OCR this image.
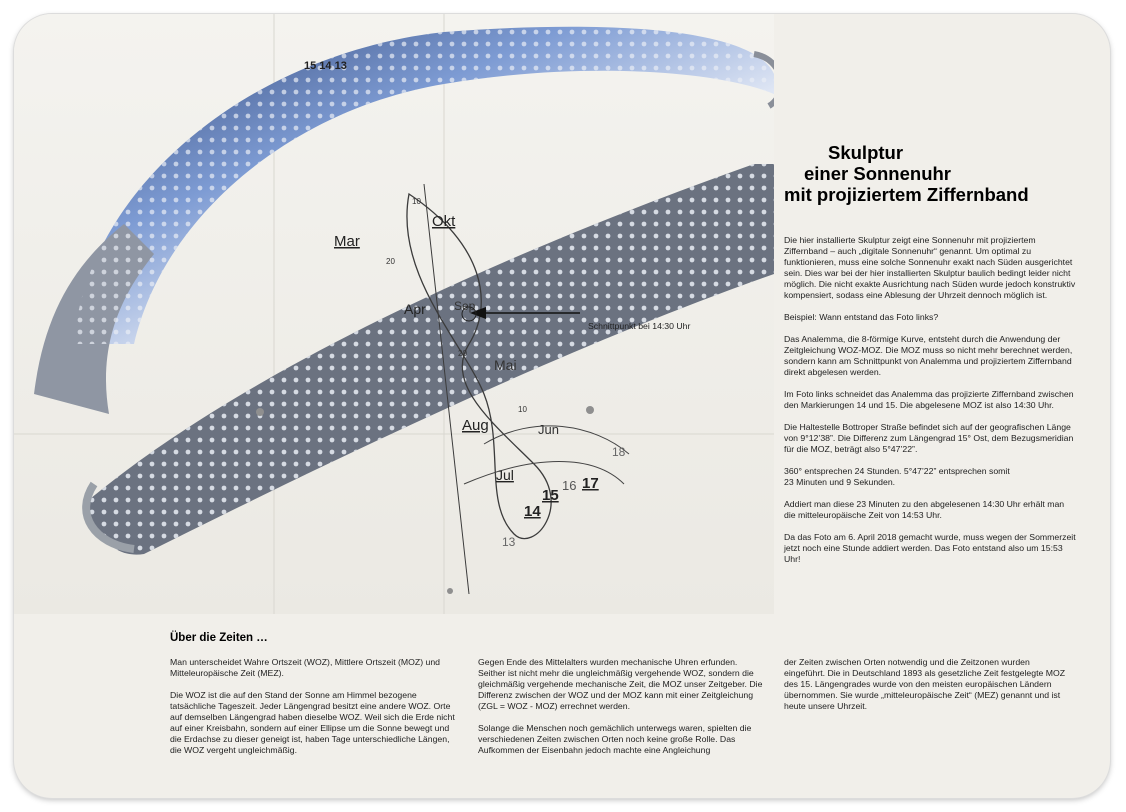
Mar
Okt
Apr Sep
Mai
Aug	Jun
Jul
10
20
20
10
14
15
16 17
18
13
15 14 13
Schnittpunkt bei 14:30 Uhr
Skulptur
einer Sonnenuhr
mit projiziertem Ziffernband

Die hier installierte Skulptur zeigt eine Sonnenuhr mit projiziertem Ziffernband – auch „digitale Sonnenuhr“ genannt. Um optimal zu funktionieren, muss eine solche Sonnenuhr exakt nach Süden ausgerichtet sein. Dies war bei der hier installierten Skulptur baulich bedingt leider nicht möglich. Die nicht exakte Ausrichtung nach Süden wurde jedoch konstruktiv kompensiert, sodass eine Ablesung der Uhrzeit dennoch möglich ist.

Beispiel: Wann entstand das Foto links?

Das Analemma, die 8-förmige Kurve, entsteht durch die Anwendung der Zeitgleichung WOZ-MOZ. Die MOZ muss so nicht mehr berechnet werden, sondern kann am Schnittpunkt von Analemma und projiziertem Ziffernband direkt abgelesen werden.

Im Foto links schneidet das Analemma das projizierte Ziffernband zwischen den Markierungen 14 und 15. Die abgelesene MOZ ist also 14:30 Uhr.

Die Haltestelle Bottroper Straße befindet sich auf der geografischen Länge von 9°12’38”. Die Differenz zum Längengrad 15° Ost, dem Bezugsmeridian für die MOZ, beträgt also 5°47’22”.

360° entsprechen 24 Stunden. 5°47’22” entsprechen somit
23 Minuten und 9 Sekunden.

Addiert man diese 23 Minuten zu den abgelesenen 14:30 Uhr erhält man die mitteleuropäische Zeit von 14:53 Uhr.

Da das Foto am 6. April 2018 gemacht wurde, muss wegen der Sommerzeit jetzt noch eine Stunde addiert werden. Das Foto entstand also um 15:53 Uhr!

Über die Zeiten …

Man unterscheidet Wahre Ortszeit (WOZ), Mittlere Ortszeit (MOZ) und Mitteleuropäische Zeit (MEZ).

Die WOZ ist die auf den Stand der Sonne am Himmel bezogene tatsächliche Tageszeit. Jeder Längengrad besitzt eine andere WOZ. Orte auf demselben Längengrad haben dieselbe WOZ. Weil sich die Erde nicht auf einer Kreisbahn, sondern auf einer Ellipse um die Sonne bewegt und die Erdachse zu dieser geneigt ist, haben Tage unterschiedliche Längen, die WOZ vergeht ungleichmäßig.

Gegen Ende des Mittelalters wurden mechanische Uhren erfunden. Seither ist nicht mehr die ungleichmäßig vergehende WOZ, sondern die gleichmäßig vergehende mechanische Zeit, die MOZ unser Zeitgeber. Die Differenz zwischen der WOZ und der MOZ kann mit einer Zeitgleichung (ZGL = WOZ - MOZ) errechnet werden.

Solange die Menschen noch gemächlich unterwegs waren, spielten die verschiedenen Zeiten zwischen Orten noch keine große Rolle. Das Aufkommen der Eisenbahn jedoch machte eine Angleichung

der Zeiten zwischen Orten notwendig und die Zeitzonen wurden eingeführt. Die in Deutschland 1893 als gesetzliche Zeit festgelegte MOZ des 15. Längengrades wurde von den meisten europäischen Ländern übernommen. Sie wurde „mitteleuropäische Zeit“ (MEZ) genannt und ist heute unsere Uhrzeit.
